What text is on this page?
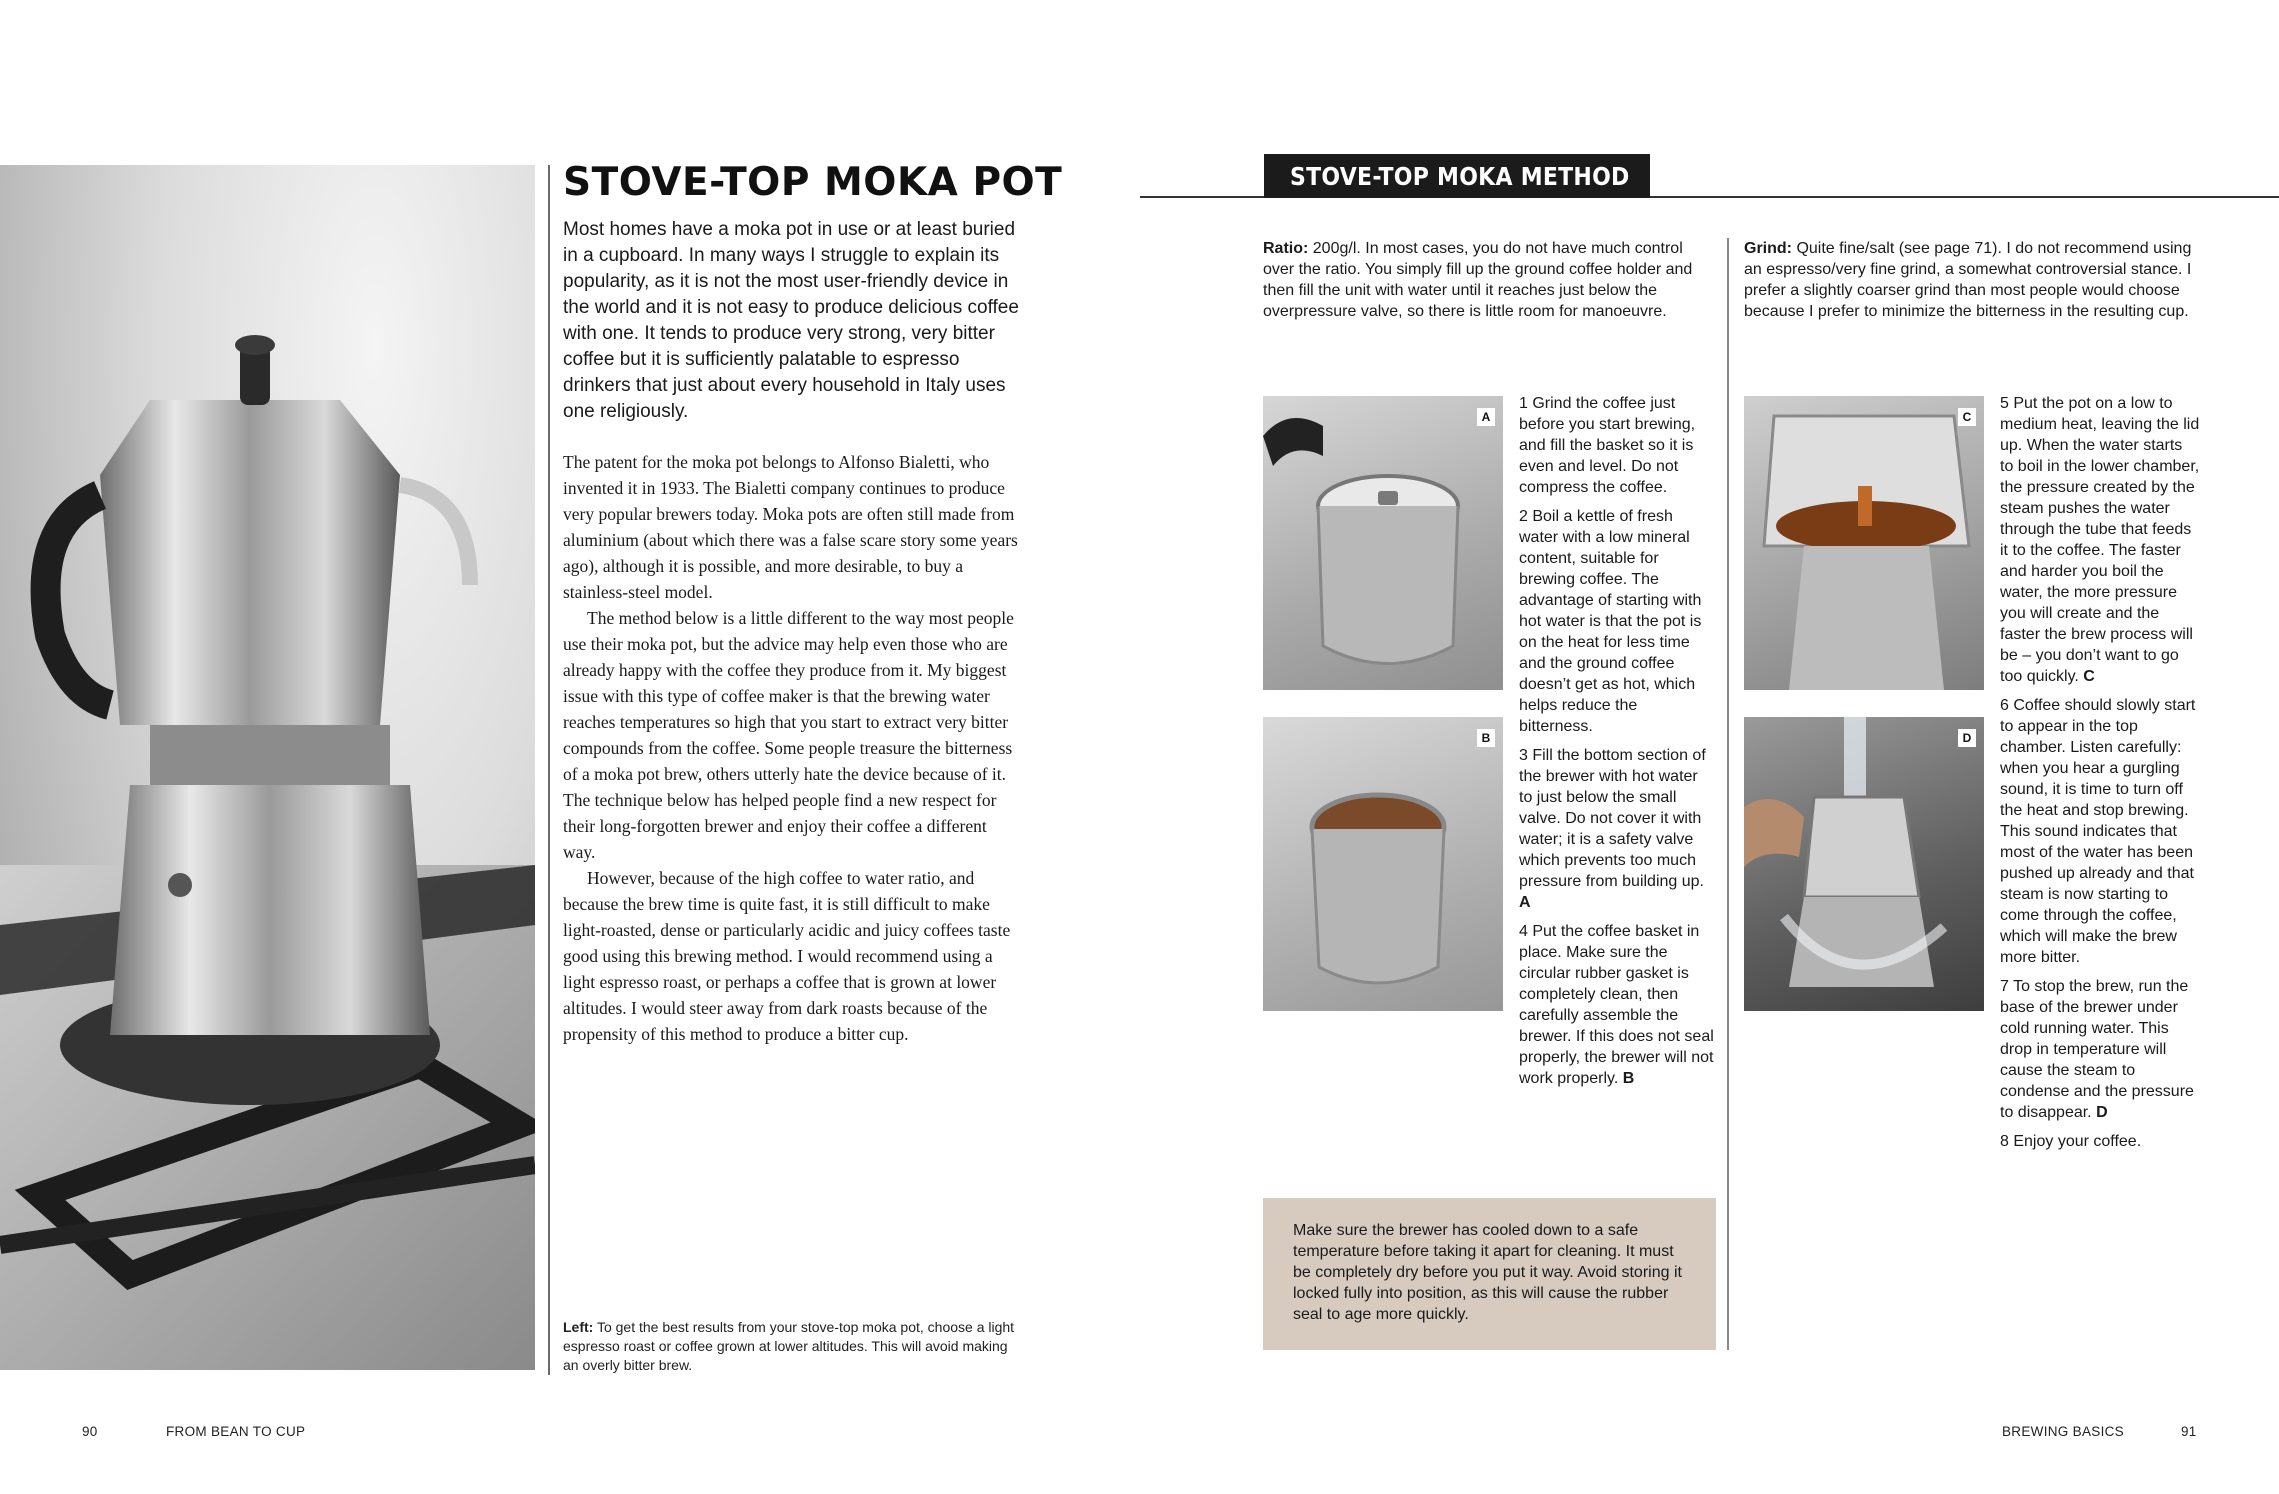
STOVE-TOP MOKA POT
Most homes have a moka pot in use or at least buried in a cupboard. In many ways I struggle to explain its popularity, as it is not the most user-friendly device in the world and it is not easy to produce delicious coffee with one. It tends to produce very strong, very bitter coffee but it is sufficiently palatable to espresso drinkers that just about every household in Italy uses one religiously.

The patent for the moka pot belongs to Alfonso Bialetti, who invented it in 1933. The Bialetti company continues to produce very popular brewers today. Moka pots are often still made from aluminium (about which there was a false scare story some years ago), although it is possible, and more desirable, to buy a stainless-steel model.

The method below is a little different to the way most people use their moka pot, but the advice may help even those who are already happy with the coffee they produce from it. My biggest issue with this type of coffee maker is that the brewing water reaches temperatures so high that you start to extract very bitter compounds from the coffee. Some people treasure the bitterness of a moka pot brew, others utterly hate the device because of it. The technique below has helped people find a new respect for their long-forgotten brewer and enjoy their coffee a different way.

However, because of the high coffee to water ratio, and because the brew time is quite fast, it is still difficult to make light-roasted, dense or particularly acidic and juicy coffees taste good using this brewing method. I would recommend using a light espresso roast, or perhaps a coffee that is grown at lower altitudes. I would steer away from dark roasts because of the propensity of this method to produce a bitter cup.

Left: To get the best results from your stove-top moka pot, choose a light espresso roast or coffee grown at lower altitudes. This will avoid making an overly bitter brew.
90	FROM BEAN TO CUP
STOVE-TOP MOKA METHOD
Ratio: 200g/l. In most cases, you do not have much control over the ratio. You simply fill up the ground coffee holder and then fill the unit with water until it reaches just below the overpressure valve, so there is little room for manoeuvre.
Grind: Quite fine/salt (see page 71). I do not recommend using an espresso/very fine grind, a somewhat controversial stance. I prefer a slightly coarser grind than most people would choose because I prefer to minimize the bitterness in the resulting cup.
A
B
C
D

1 Grind the coffee just before you start brewing, and fill the basket so it is even and level. Do not compress the coffee.

2 Boil a kettle of fresh water with a low mineral content, suitable for brewing coffee. The advantage of starting with hot water is that the pot is on the heat for less time and the ground coffee doesn’t get as hot, which helps reduce the bitterness.

3 Fill the bottom section of the brewer with hot water to just below the small valve. Do not cover it with water; it is a safety valve which prevents too much pressure from building up. A

4 Put the coffee basket in place. Make sure the circular rubber gasket is completely clean, then carefully assemble the brewer. If this does not seal properly, the brewer will not work properly. B

5 Put the pot on a low to medium heat, leaving the lid up. When the water starts to boil in the lower chamber, the pressure created by the steam pushes the water through the tube that feeds it to the coffee. The faster and harder you boil the water, the more pressure you will create and the faster the brew process will be – you don’t want to go too quickly. C

6 Coffee should slowly start to appear in the top chamber. Listen carefully: when you hear a gurgling sound, it is time to turn off the heat and stop brewing. This sound indicates that most of the water has been pushed up already and that steam is now starting to come through the coffee, which will make the brew more bitter.

7 To stop the brew, run the base of the brewer under cold running water. This drop in temperature will cause the steam to condense and the pressure to disappear. D

8 Enjoy your coffee.

Make sure the brewer has cooled down to a safe temperature before taking it apart for cleaning. It must be completely dry before you put it way. Avoid storing it locked fully into position, as this will cause the rubber seal to age more quickly.

BREWING BASICS	91
